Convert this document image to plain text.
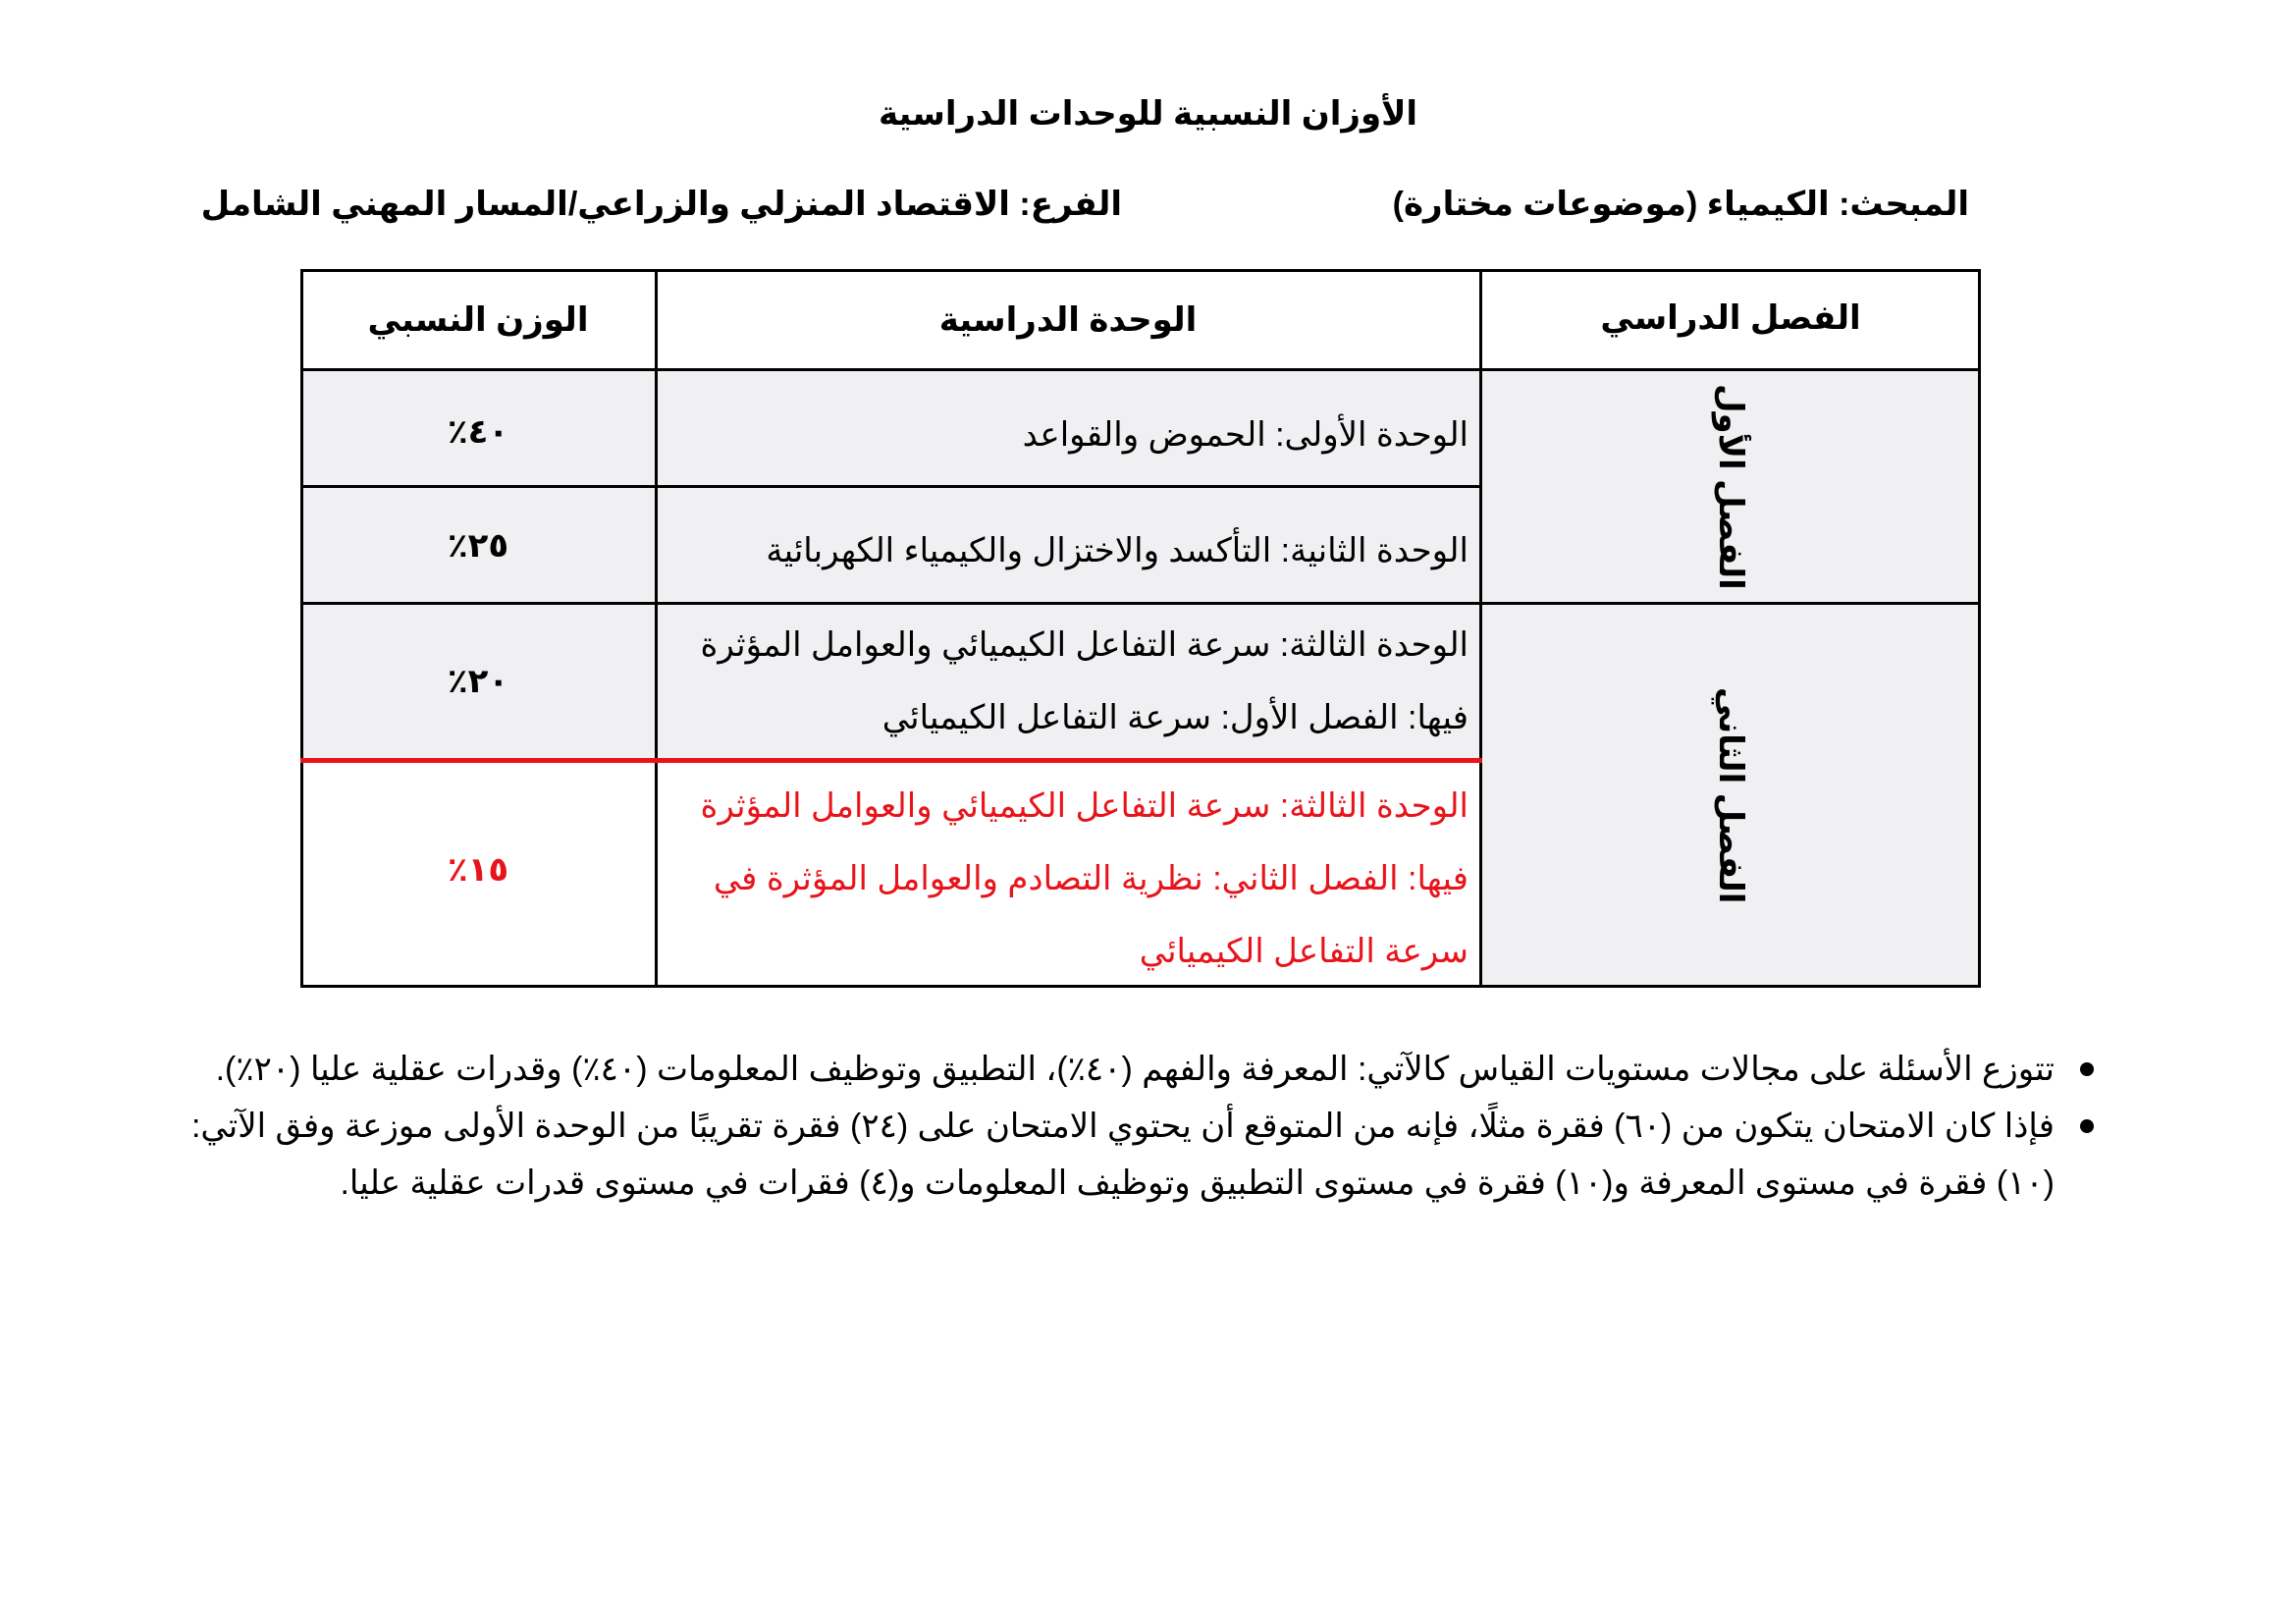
الأوزان النسبية للوحدات الدراسية
المبحث: الكيمياء (موضوعات مختارة)
الفرع: الاقتصاد المنزلي والزراعي/المسار المهني الشامل
الفصل الدراسي
الوحدة الدراسية
الوزن النسبي
الفصل الأول
الفصل الثاني
الوحدة الأولى: الحموض والقواعد
٤٠٪
الوحدة الثانية: التأكسد والاختزال والكيمياء الكهربائية
٢٥٪
الوحدة الثالثة: سرعة التفاعل الكيميائي والعوامل المؤثرة
فيها: الفصل الأول: سرعة التفاعل الكيميائي
٢٠٪
الوحدة الثالثة: سرعة التفاعل الكيميائي والعوامل المؤثرة
فيها: الفصل الثاني: نظرية التصادم والعوامل المؤثرة في
سرعة التفاعل الكيميائي
١٥٪
تتوزع الأسئلة على مجالات مستويات القياس كالآتي: المعرفة والفهم (٤٠٪)، التطبيق وتوظيف المعلومات (٤٠٪) وقدرات عقلية عليا (٢٠٪).
فإذا كان الامتحان يتكون من (٦٠) فقرة مثلًا، فإنه من المتوقع أن يحتوي الامتحان على (٢٤) فقرة تقريبًا من الوحدة الأولى موزعة وفق الآتي:
(١٠) فقرة في مستوى المعرفة و(١٠) فقرة في مستوى التطبيق وتوظيف المعلومات و(٤) فقرات في مستوى قدرات عقلية عليا.
